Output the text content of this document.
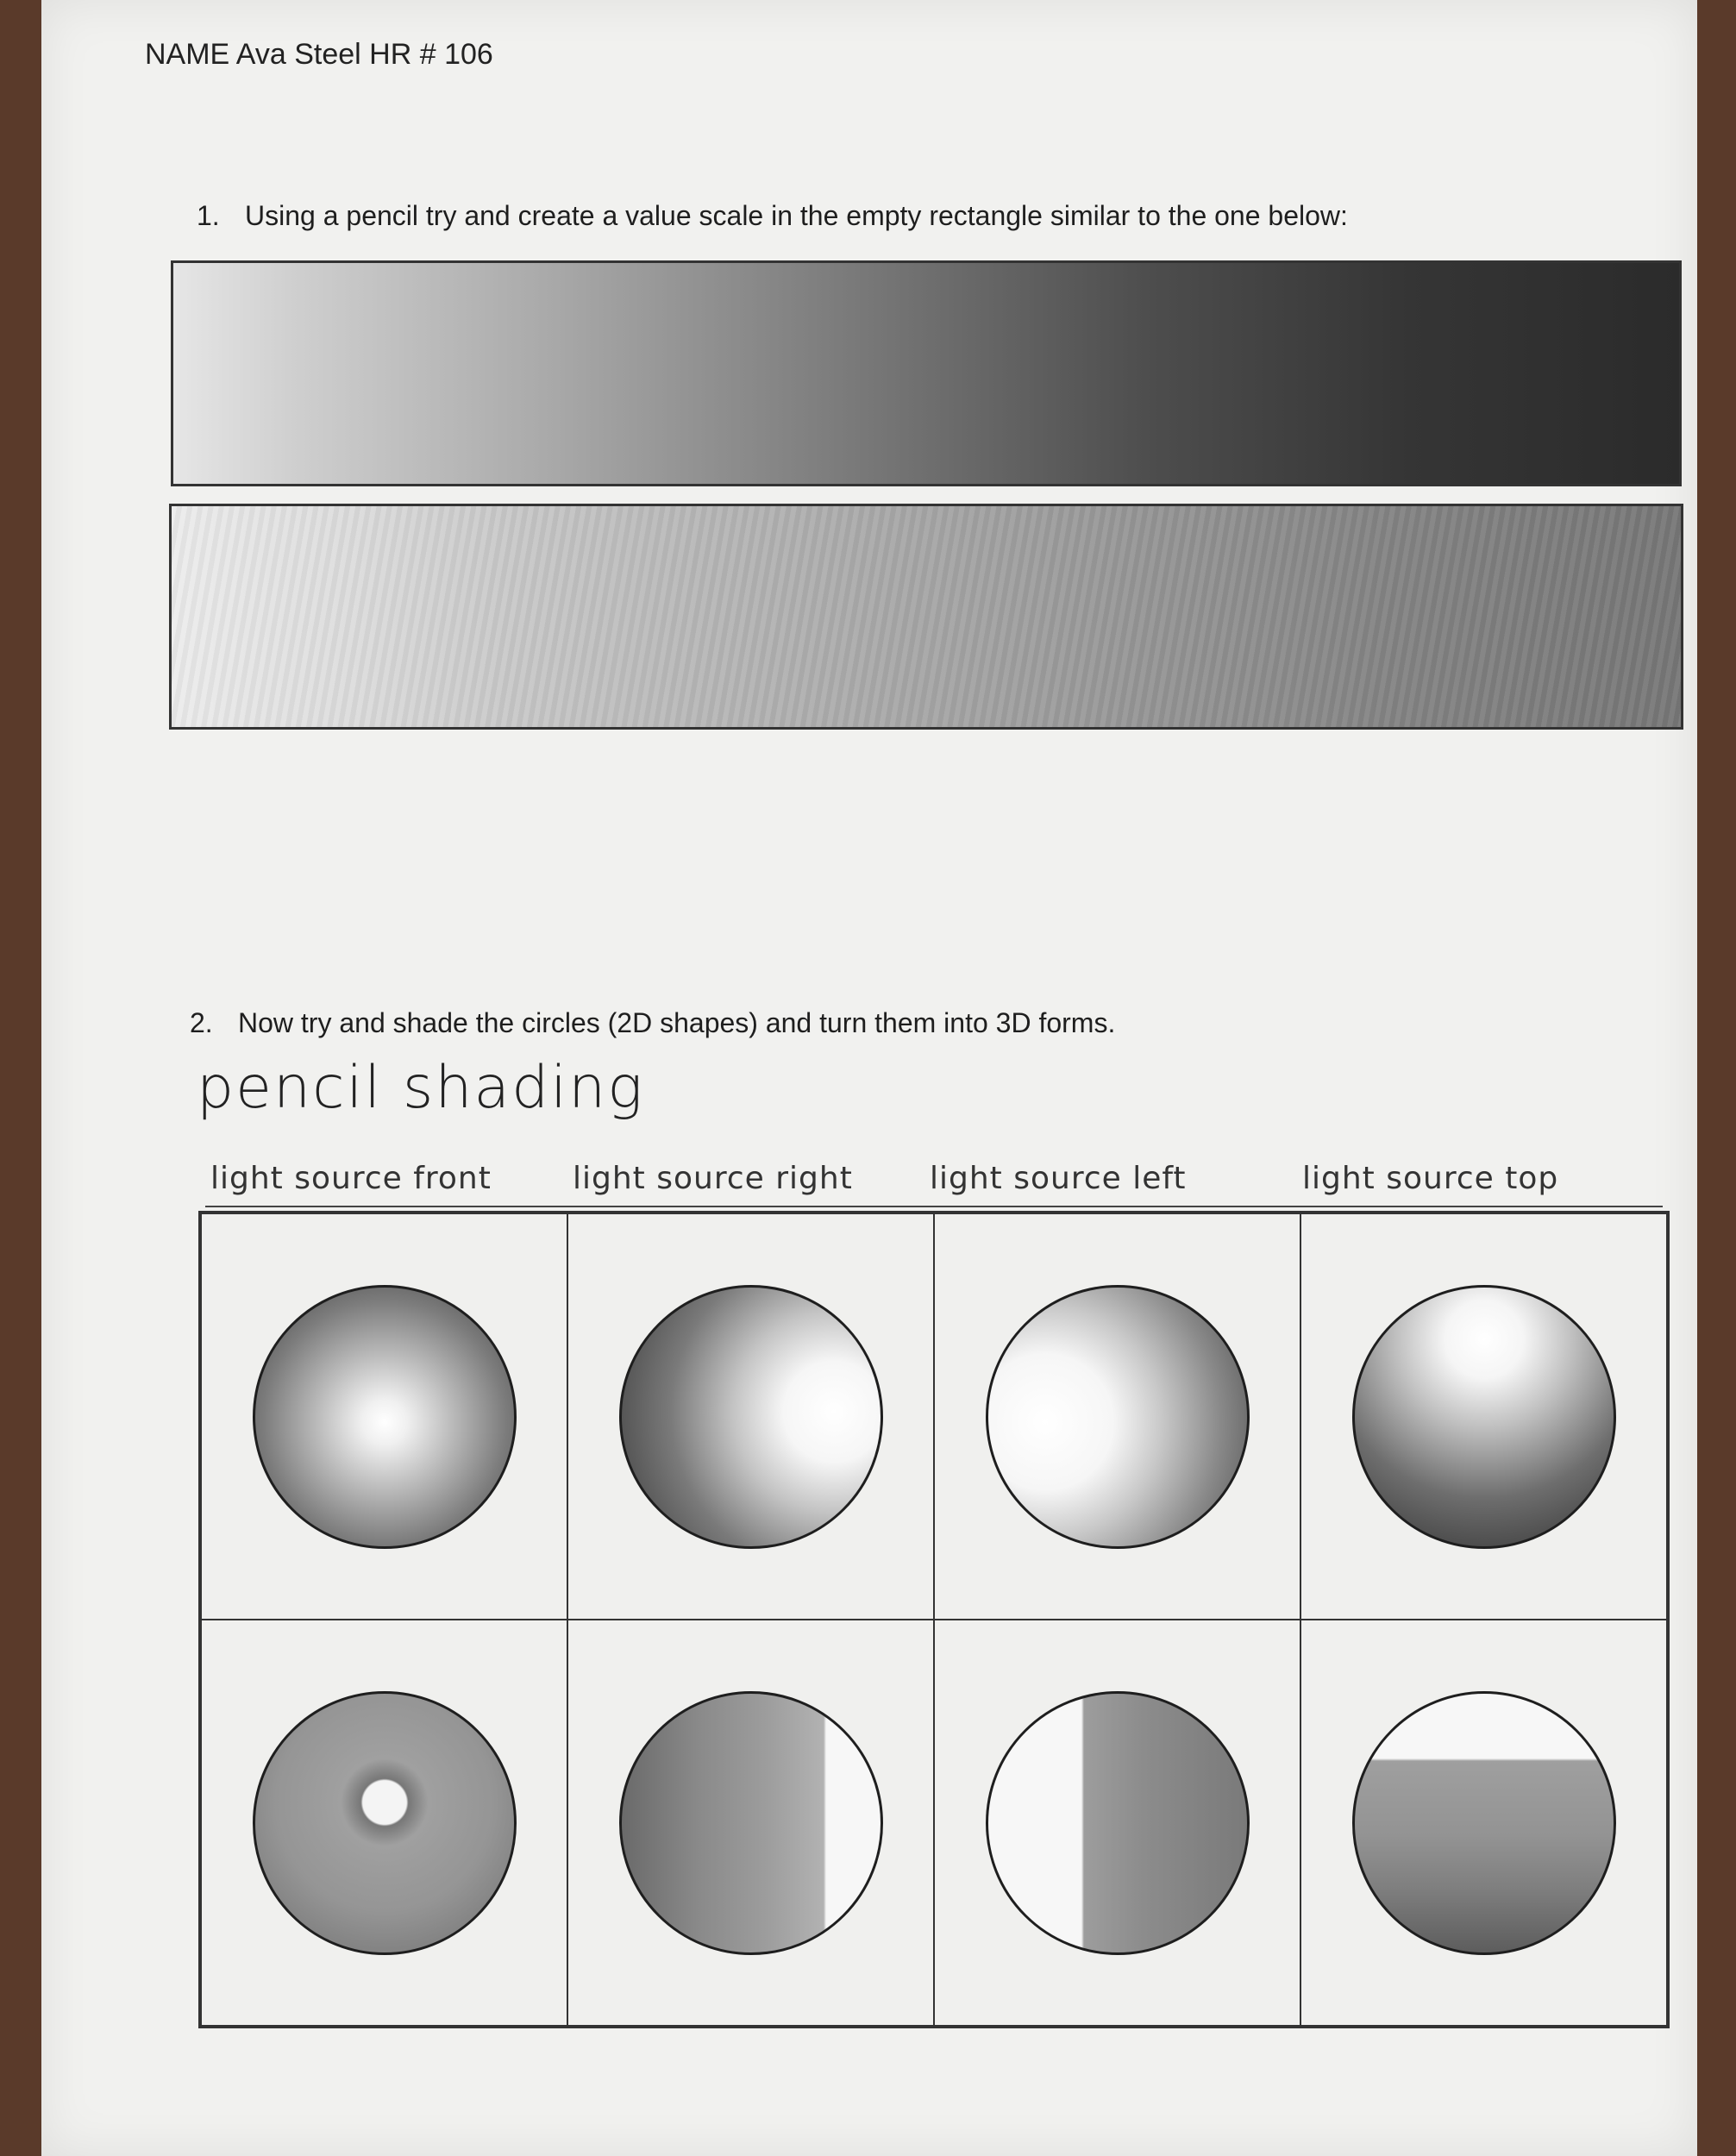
NAME Ava Steel HR # 106
1. Using a pencil try and create a value scale in the empty rectangle similar to the one below:
2. Now try and shade the circles (2D shapes) and turn them into 3D forms.
pencil shading
light source front	light source right light source left	light source top
